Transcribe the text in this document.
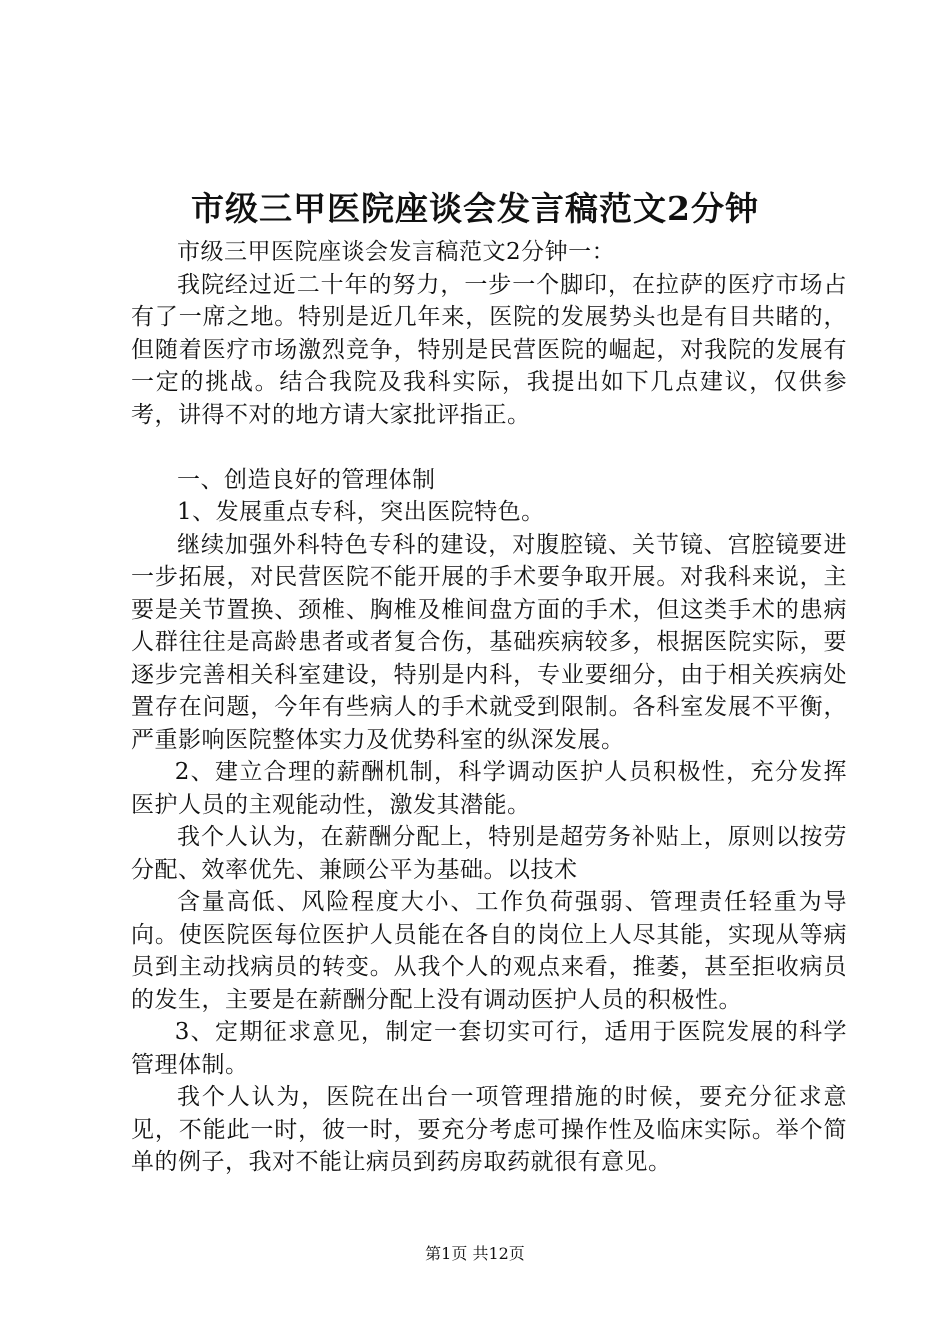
市级三甲医院座谈会发言稿范文2分钟

市级三甲医院座谈会发言稿范文2分钟一：

我院经过近二十年的努力，一步一个脚印，在拉萨的医疗市场占有了一席之地。特别是近几年来，医院的发展势头也是有目共睹的，但随着医疗市场激烈竞争，特别是民营医院的崛起，对我院的发展有一定的挑战。结合我院及我科实际，我提出如下几点建议，仅供参考，讲得不对的地方请大家批评指正。

一、创造良好的管理体制

1、发展重点专科，突出医院特色。

继续加强外科特色专科的建设，对腹腔镜、关节镜、宫腔镜要进一步拓展，对民营医院不能开展的手术要争取开展。对我科来说，主要是关节置换、颈椎、胸椎及椎间盘方面的手术，但这类手术的患病人群往往是高龄患者或者复合伤，基础疾病较多，根据医院实际，要逐步完善相关科室建设，特别是内科，专业要细分，由于相关疾病处置存在问题，今年有些病人的手术就受到限制。各科室发展不平衡，严重影响医院整体实力及优势科室的纵深发展。

2、建立合理的薪酬机制，科学调动医护人员积极性，充分发挥医护人员的主观能动性，激发其潜能。

我个人认为，在薪酬分配上，特别是超劳务补贴上，原则以按劳分配、效率优先、兼顾公平为基础。以技术

含量高低、风险程度大小、工作负荷强弱、管理责任轻重为导向。使医院医每位医护人员能在各自的岗位上人尽其能，实现从等病员到主动找病员的转变。从我个人的观点来看，推萎，甚至拒收病员的发生，主要是在薪酬分配上没有调动医护人员的积极性。

3、定期征求意见，制定一套切实可行，适用于医院发展的科学管理体制。

我个人认为，医院在出台一项管理措施的时候，要充分征求意见，不能此一时，彼一时，要充分考虑可操作性及临床实际。举个简单的例子，我对不能让病员到药房取药就很有意见。

第1页 共12页
